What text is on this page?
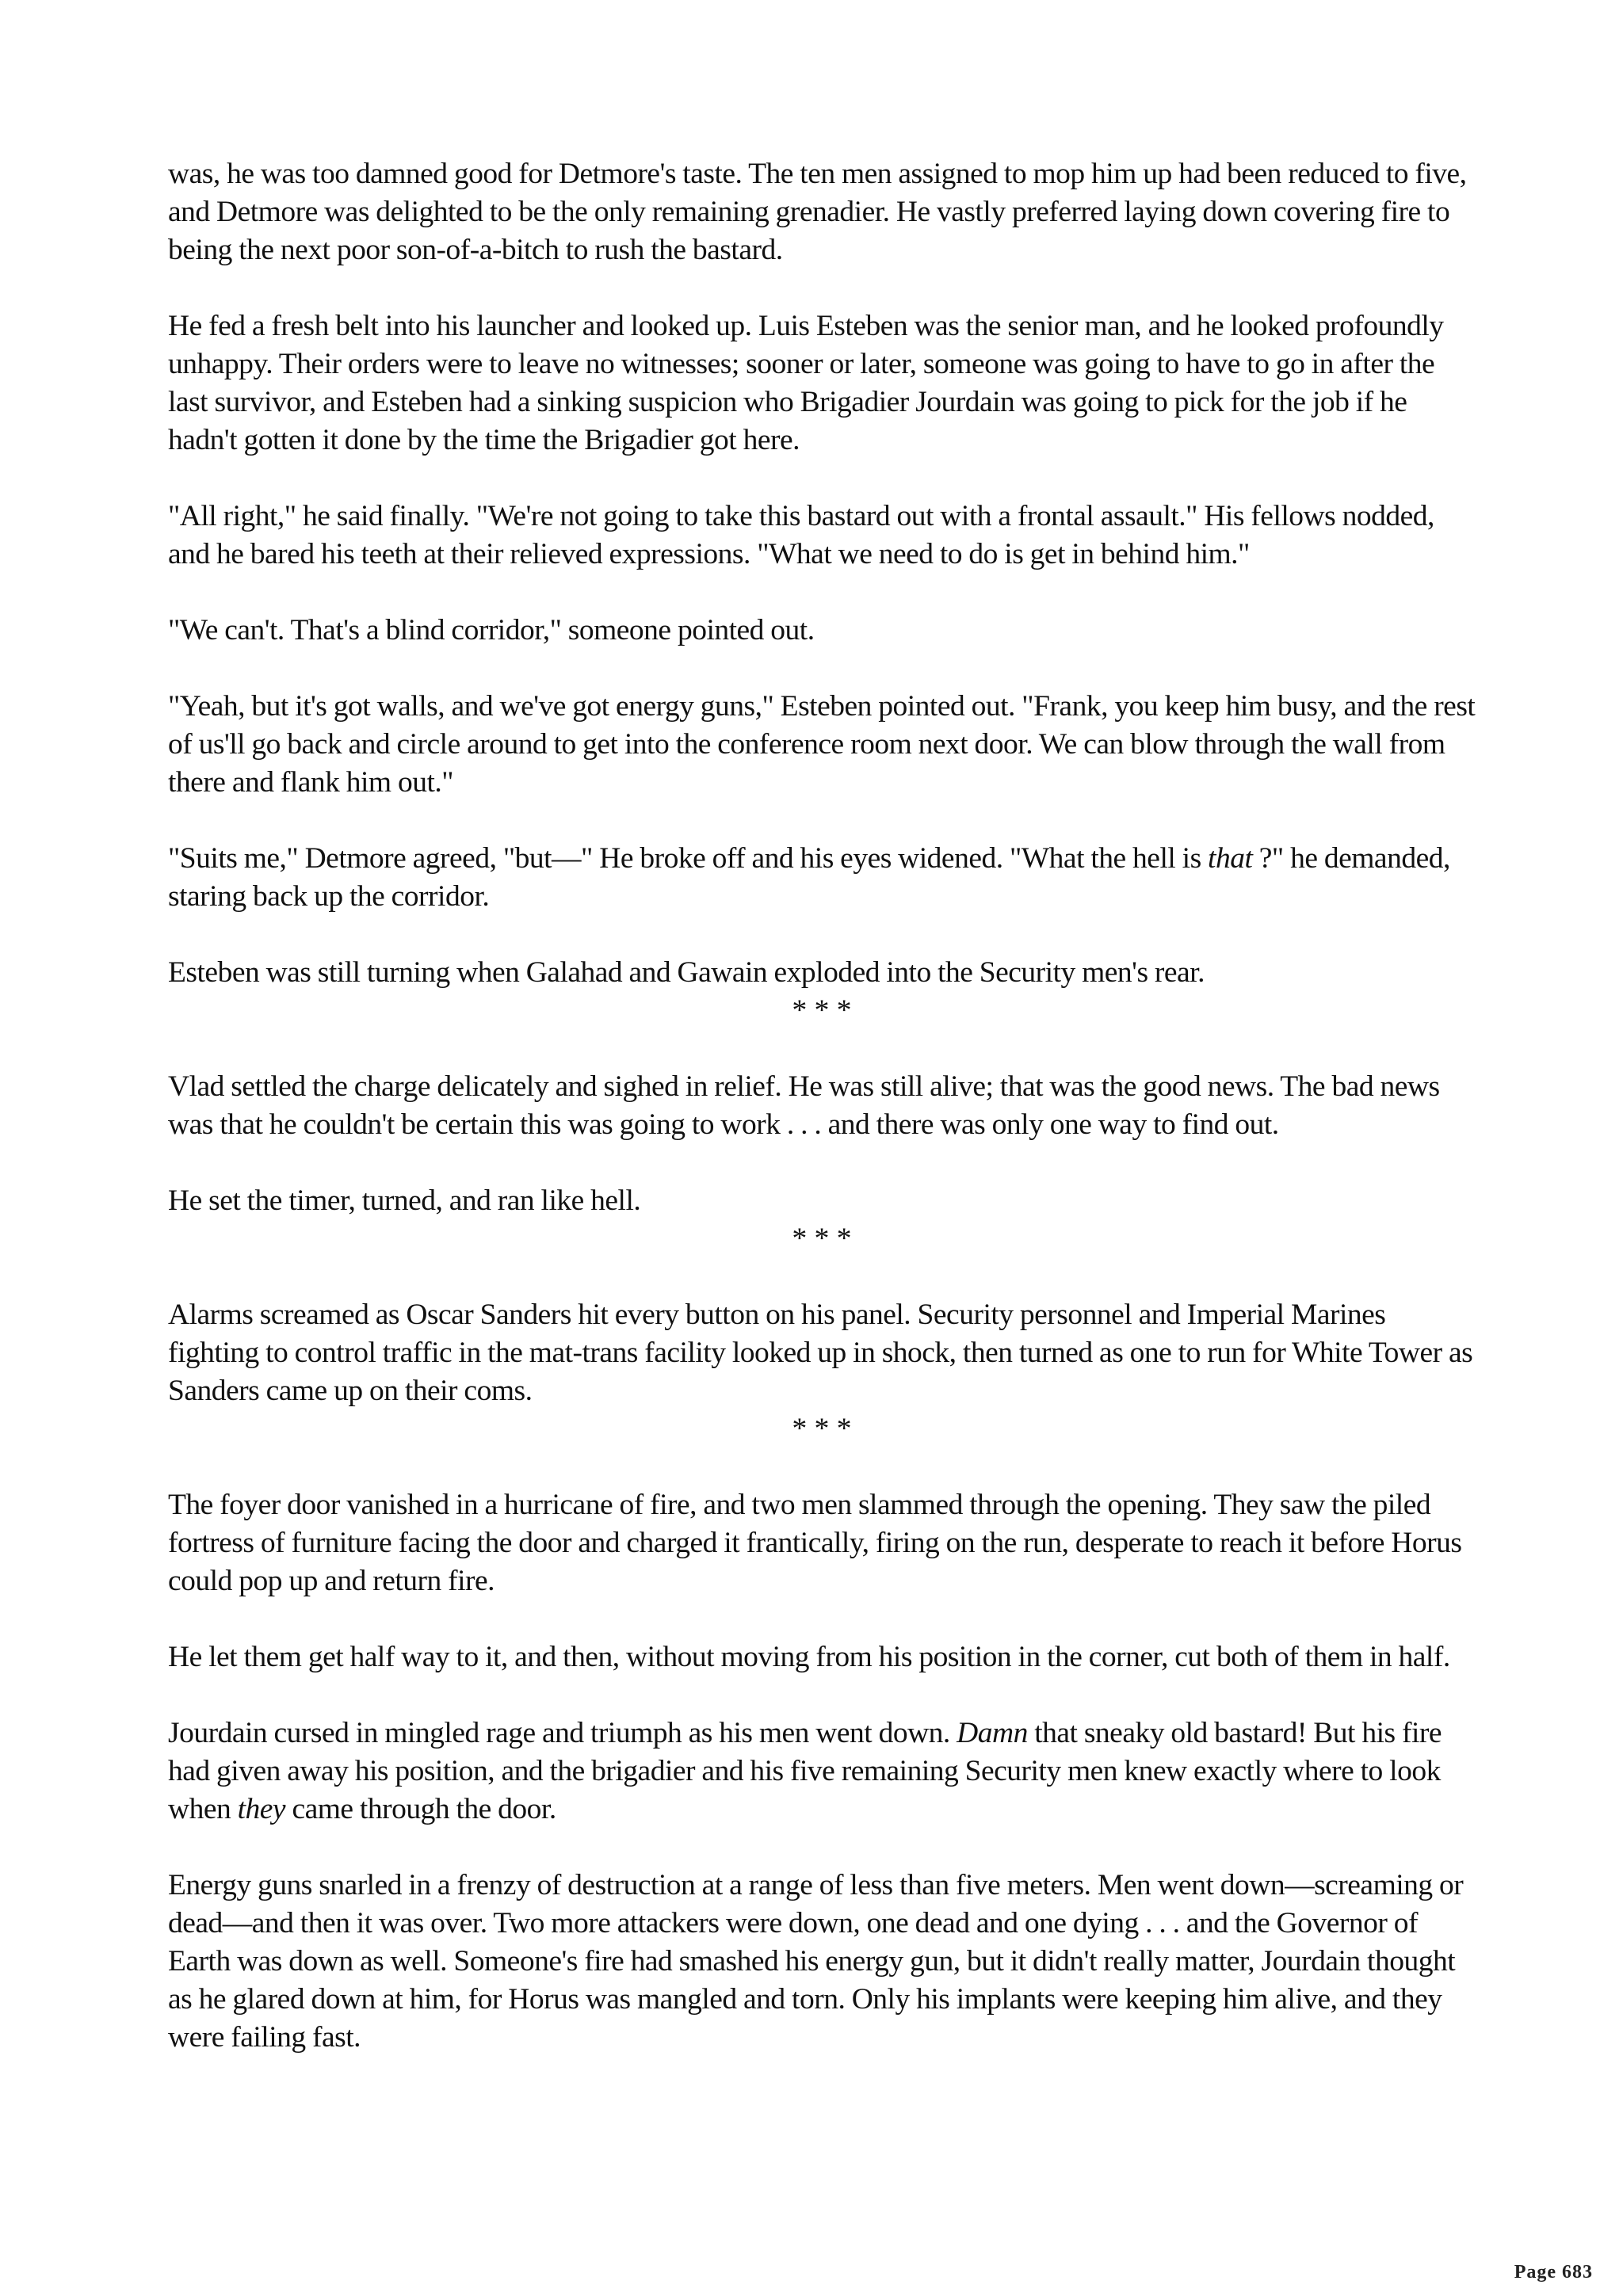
was, he was too damned good for Detmore's taste. The ten men assigned to mop him up had been reduced to five, and Detmore was delighted to be the only remaining grenadier. He vastly preferred laying down covering fire to being the next poor son-of-a-bitch to rush the bastard.

He fed a fresh belt into his launcher and looked up. Luis Esteben was the senior man, and he looked profoundly unhappy. Their orders were to leave no witnesses; sooner or later, someone was going to have to go in after the last survivor, and Esteben had a sinking suspicion who Brigadier Jourdain was going to pick for the job if he hadn't gotten it done by the time the Brigadier got here.

"All right," he said finally. "We're not going to take this bastard out with a frontal assault." His fellows nodded, and he bared his teeth at their relieved expressions. "What we need to do is get in behind him."

"We can't. That's a blind corridor," someone pointed out.

"Yeah, but it's got walls, and we've got energy guns," Esteben pointed out. "Frank, you keep him busy, and the rest of us'll go back and circle around to get into the conference room next door. We can blow through the wall from there and flank him out."

"Suits me," Detmore agreed, "but—" He broke off and his eyes widened. "What the hell is that ?" he demanded, staring back up the corridor.

Esteben was still turning when Galahad and Gawain exploded into the Security men's rear.

* * *

Vlad settled the charge delicately and sighed in relief. He was still alive; that was the good news. The bad news was that he couldn't be certain this was going to work . . . and there was only one way to find out.

He set the timer, turned, and ran like hell.

* * *

Alarms screamed as Oscar Sanders hit every button on his panel. Security personnel and Imperial Marines fighting to control traffic in the mat-trans facility looked up in shock, then turned as one to run for White Tower as Sanders came up on their coms.

* * *

The foyer door vanished in a hurricane of fire, and two men slammed through the opening. They saw the piled fortress of furniture facing the door and charged it frantically, firing on the run, desperate to reach it before Horus could pop up and return fire.

He let them get half way to it, and then, without moving from his position in the corner, cut both of them in half.

Jourdain cursed in mingled rage and triumph as his men went down. Damn that sneaky old bastard! But his fire had given away his position, and the brigadier and his five remaining Security men knew exactly where to look when they came through the door.

Energy guns snarled in a frenzy of destruction at a range of less than five meters. Men went down—screaming or dead—and then it was over. Two more attackers were down, one dead and one dying . . . and the Governor of Earth was down as well. Someone's fire had smashed his energy gun, but it didn't really matter, Jourdain thought as he glared down at him, for Horus was mangled and torn. Only his implants were keeping him alive, and they were failing fast.

Page 683
